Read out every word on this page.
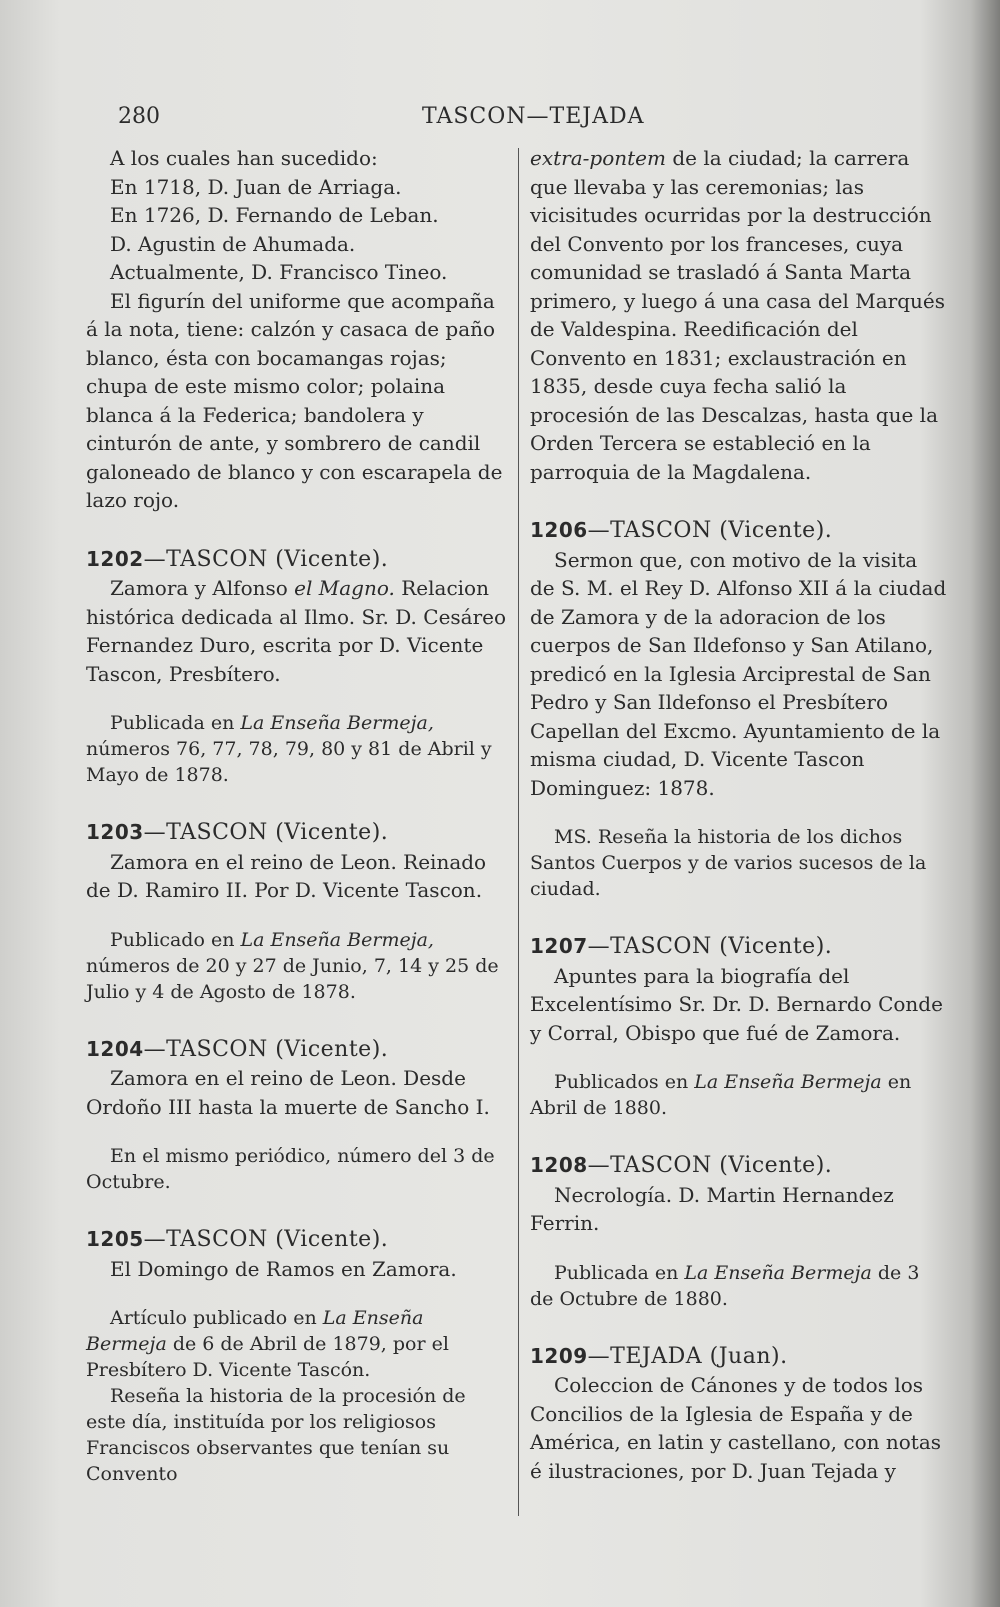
280	TASCON—TEJADA

A los cuales han sucedido:

En 1718, D. Juan de Arriaga.

En 1726, D. Fernando de Leban.

D. Agustin de Ahumada.

Actualmente, D. Francisco Tineo.

El figurín del uniforme que acompaña á la nota, tiene: calzón y casaca de paño blanco, ésta con bocamangas rojas; chupa de este mismo color; polaina blanca á la Federica; bandolera y cinturón de ante, y sombrero de candil galoneado de blanco y con escarapela de lazo rojo.

1202—TASCON (Vicente).

Zamora y Alfonso el Magno. Relacion histórica dedicada al Ilmo. Sr. D. Cesáreo Fernandez Duro, escrita por D. Vicente Tascon, Presbítero.

Publicada en La Enseña Bermeja, números 76, 77, 78, 79, 80 y 81 de Abril y Mayo de 1878.

1203—TASCON (Vicente).

Zamora en el reino de Leon. Reinado de D. Ramiro II. Por D. Vicente Tascon.

Publicado en La Enseña Bermeja, números de 20 y 27 de Junio, 7, 14 y 25 de Julio y 4 de Agosto de 1878.

1204—TASCON (Vicente).

Zamora en el reino de Leon. Desde Ordoño III hasta la muerte de Sancho I.

En el mismo periódico, número del 3 de Octubre.

1205—TASCON (Vicente).

El Domingo de Ramos en Zamora.

Artículo publicado en La Enseña Bermeja de 6 de Abril de 1879, por el Presbítero D. Vicente Tascón.

Reseña la historia de la procesión de este día, instituída por los religiosos Franciscos observantes que tenían su Convento

extra-pontem de la ciudad; la carrera que llevaba y las ceremonias; las vicisitudes ocurridas por la destrucción del Convento por los franceses, cuya comunidad se trasladó á Santa Marta primero, y luego á una casa del Marqués de Valdespina. Reedificación del Convento en 1831; exclaustración en 1835, desde cuya fecha salió la procesión de las Descalzas, hasta que la Orden Tercera se estableció en la parroquia de la Magdalena.

1206—TASCON (Vicente).

Sermon que, con motivo de la visita de S. M. el Rey D. Alfonso XII á la ciudad de Zamora y de la adoracion de los cuerpos de San Ildefonso y San Atilano, predicó en la Iglesia Arciprestal de San Pedro y San Ildefonso el Presbítero Capellan del Excmo. Ayuntamiento de la misma ciudad, D. Vicente Tascon Dominguez: 1878.

MS. Reseña la historia de los dichos Santos Cuerpos y de varios sucesos de la ciudad.

1207—TASCON (Vicente).

Apuntes para la biografía del Excelentísimo Sr. Dr. D. Bernardo Conde y Corral, Obispo que fué de Zamora.

Publicados en La Enseña Bermeja en Abril de 1880.

1208—TASCON (Vicente).

Necrología. D. Martin Hernandez Ferrin.

Publicada en La Enseña Bermeja de 3 de Octubre de 1880.

1209—TEJADA (Juan).

Coleccion de Cánones y de todos los Concilios de la Iglesia de España y de América, en latin y castellano, con notas é ilustraciones, por D. Juan Tejada y
